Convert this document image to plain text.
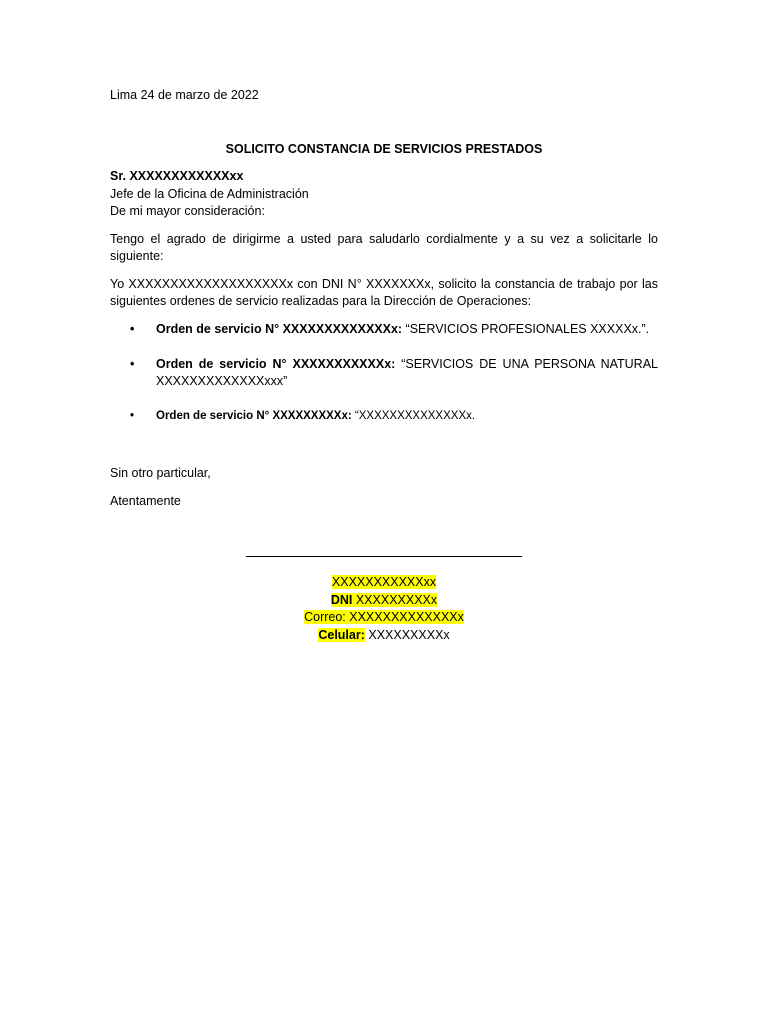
Lima 24 de marzo de 2022
SOLICITO CONSTANCIA DE SERVICIOS PRESTADOS
Sr. XXXXXXXXXXXXxx
Jefe de la Oficina de Administración
De mi mayor consideración:
Tengo el agrado de dirigirme a usted para saludarlo cordialmente y a su vez a solicitarle lo siguiente:
Yo XXXXXXXXXXXXXXXXXXXx con DNI N° XXXXXXXx, solicito la constancia de trabajo por las siguientes ordenes de servicio realizadas para la Dirección de Operaciones:
• Orden de servicio N° XXXXXXXXXXXXXx: “SERVICIOS PROFESIONALES XXXXXx.”.
• Orden de servicio N° XXXXXXXXXXXx: “SERVICIOS DE UNA PERSONA NATURAL XXXXXXXXXXXXXxxx”
• Orden de servicio N° XXXXXXXXXx: “XXXXXXXXXXXXXXx.
Sin otro particular,
Atentamente
XXXXXXXXXXXxx
DNI XXXXXXXXXx
Correo: XXXXXXXXXXXXXx
Celular: XXXXXXXXXx
